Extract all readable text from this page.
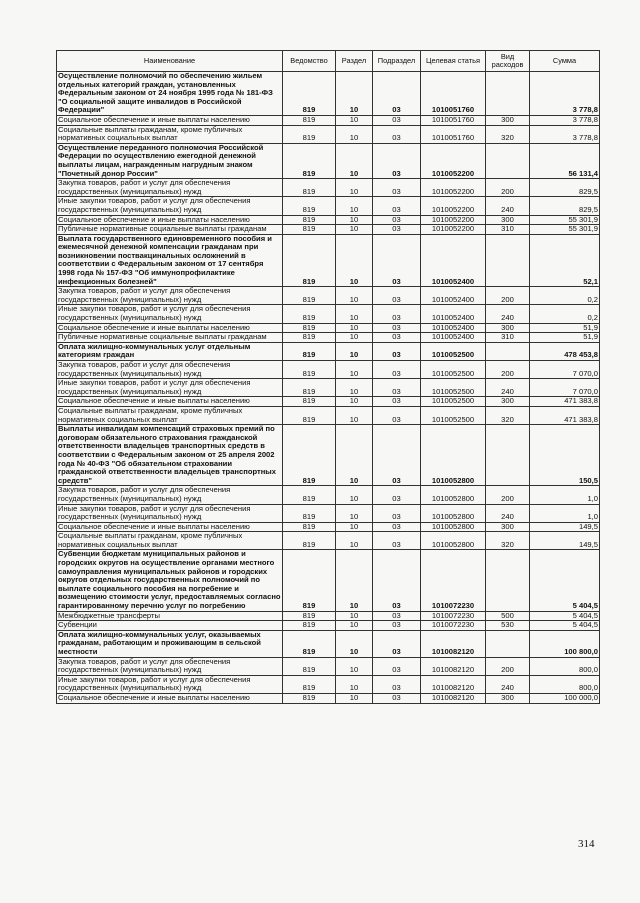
Наименование	Ведомство	Раздел	Подраздел	Целевая статья	Вид расходов	Сумма
Осуществление полномочий по обеспечению жильем отдельных категорий граждан, установленных Федеральным законом от 24 ноября 1995 года № 181-ФЗ "О социальной защите инвалидов в Российской Федерации"	819	10	03	1010051760		3 778,8
Социальное обеспечение и иные выплаты населению	819	10	03	1010051760	300	3 778,8
Социальные выплаты гражданам, кроме публичных нормативных социальных выплат	819	10	03	1010051760	320	3 778,8
Осуществление переданного полномочия Российской Федерации по осуществлению ежегодной денежной выплаты лицам, награжденным нагрудным знаком "Почетный донор России"	819	10	03	1010052200		56 131,4
Закупка товаров, работ и услуг для обеспечения государственных (муниципальных) нужд	819	10	03	1010052200	200	829,5
Иные закупки товаров, работ и услуг для обеспечения государственных (муниципальных) нужд	819	10	03	1010052200	240	829,5
Социальное обеспечение и иные выплаты населению	819	10	03	1010052200	300	55 301,9
Публичные нормативные социальные выплаты гражданам	819	10	03	1010052200	310	55 301,9
Выплата государственного единовременного пособия и ежемесячной денежной компенсации гражданам при возникновении поствакцинальных осложнений в соответствии с Федеральным законом от 17 сентября 1998 года № 157-ФЗ "Об иммунопрофилактике инфекционных болезней"	819	10	03	1010052400		52,1
Закупка товаров, работ и услуг для обеспечения государственных (муниципальных) нужд	819	10	03	1010052400	200	0,2
Иные закупки товаров, работ и услуг для обеспечения государственных (муниципальных) нужд	819	10	03	1010052400	240	0,2
Социальное обеспечение и иные выплаты населению	819	10	03	1010052400	300	51,9
Публичные нормативные социальные выплаты гражданам	819	10	03	1010052400	310	51,9
Оплата жилищно-коммунальных услуг отдельным категориям граждан	819	10	03	1010052500		478 453,8
Закупка товаров, работ и услуг для обеспечения государственных (муниципальных) нужд	819	10	03	1010052500	200	7 070,0
Иные закупки товаров, работ и услуг для обеспечения государственных (муниципальных) нужд	819	10	03	1010052500	240	7 070,0
Социальное обеспечение и иные выплаты населению	819	10	03	1010052500	300	471 383,8
Социальные выплаты гражданам, кроме публичных нормативных социальных выплат	819	10	03	1010052500	320	471 383,8
Выплаты инвалидам компенсаций страховых премий по договорам обязательного страхования гражданской ответственности владельцев транспортных средств в соответствии с Федеральным законом от 25 апреля 2002 года № 40-ФЗ "Об обязательном страховании гражданской ответственности владельцев транспортных средств"	819	10	03	1010052800		150,5
Закупка товаров, работ и услуг для обеспечения государственных (муниципальных) нужд	819	10	03	1010052800	200	1,0
Иные закупки товаров, работ и услуг для обеспечения государственных (муниципальных) нужд	819	10	03	1010052800	240	1,0
Социальное обеспечение и иные выплаты населению	819	10	03	1010052800	300	149,5
Социальные выплаты гражданам, кроме публичных нормативных социальных выплат	819	10	03	1010052800	320	149,5
Субвенции бюджетам муниципальных районов и городских округов на осуществление органами местного самоуправления муниципальных районов и городских округов отдельных государственных полномочий по выплате социального пособия на погребение и возмещению стоимости услуг, предоставляемых согласно гарантированному перечню услуг по погребению	819	10	03	1010072230		5 404,5
Межбюджетные трансферты	819	10	03	1010072230	500	5 404,5
Субвенции	819	10	03	1010072230	530	5 404,5
Оплата жилищно-коммунальных услуг, оказываемых гражданам, работающим и проживающим в сельской местности	819	10	03	1010082120		100 800,0
Закупка товаров, работ и услуг для обеспечения государственных (муниципальных) нужд	819	10	03	1010082120	200	800,0
Иные закупки товаров, работ и услуг для обеспечения государственных (муниципальных) нужд	819	10	03	1010082120	240	800,0
Социальное обеспечение и иные выплаты населению	819	10	03	1010082120	300	100 000,0
314
